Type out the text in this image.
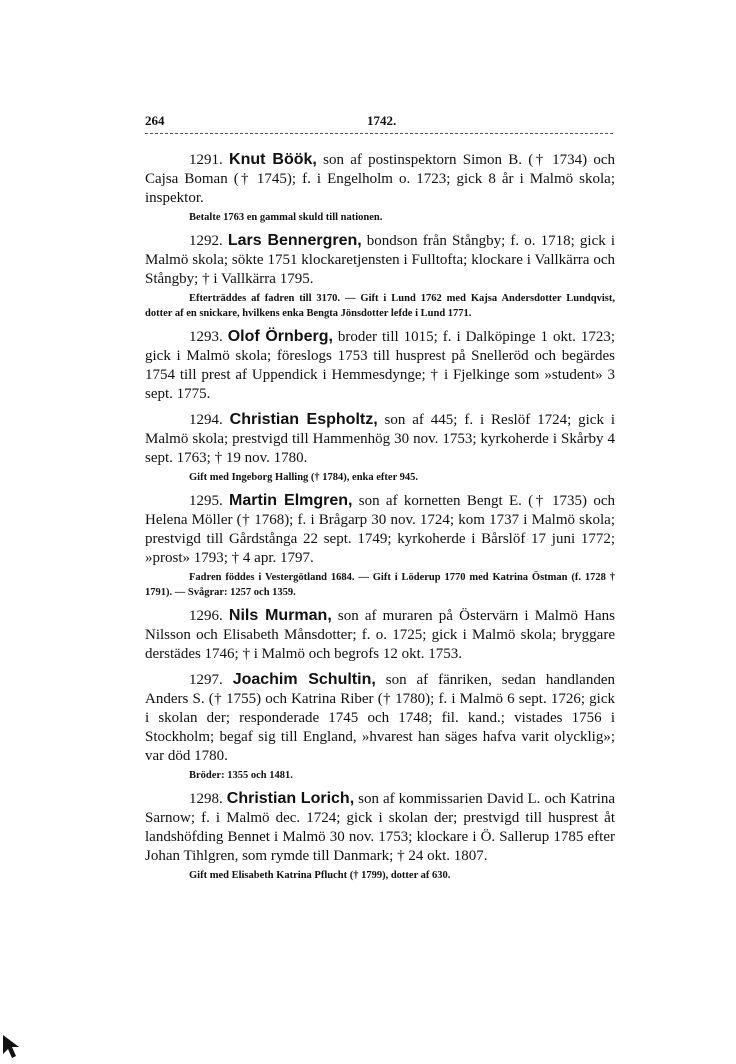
264	1742.

1291. Knut Böök, son af postinspektorn Simon B. († 1734) och Cajsa Boman († 1745); f. i Engelholm o. 1723; gick 8 år i Malmö skola; inspektor.

Betalte 1763 en gammal skuld till nationen.

1292. Lars Bennergren, bondson från Stångby; f. o. 1718; gick i Malmö skola; sökte 1751 klockaretjensten i Fulltofta; klockare i Vallkärra och Stångby; † i Vallkärra 1795.

Efterträddes af fadren till 3170. — Gift i Lund 1762 med Kajsa Andersdotter Lundqvist, dotter af en snickare, hvilkens enka Bengta Jönsdotter lefde i Lund 1771.

1293. Olof Örnberg, broder till 1015; f. i Dalköpinge 1 okt. 1723; gick i Malmö skola; föreslogs 1753 till husprest på Snelleröd och begärdes 1754 till prest af Uppendick i Hemmesdynge; † i Fjelkinge som »student» 3 sept. 1775.

1294. Christian Espholtz, son af 445; f. i Reslöf 1724; gick i Malmö skola; prestvigd till Hammenhög 30 nov. 1753; kyrkoherde i Skårby 4 sept. 1763; † 19 nov. 1780.

Gift med Ingeborg Halling († 1784), enka efter 945.

1295. Martin Elmgren, son af kornetten Bengt E. († 1735) och Helena Möller († 1768); f. i Brågarp 30 nov. 1724; kom 1737 i Malmö skola; prestvigd till Gårdstånga 22 sept. 1749; kyrkoherde i Bårslöf 17 juni 1772; »prost» 1793; † 4 apr. 1797.

Fadren föddes i Vestergötland 1684. — Gift i Löderup 1770 med Katrina Östman (f. 1728 † 1791). — Svågrar: 1257 och 1359.

1296. Nils Murman, son af muraren på Östervärn i Malmö Hans Nilsson och Elisabeth Månsdotter; f. o. 1725; gick i Malmö skola; bryggare derstädes 1746; † i Malmö och begrofs 12 okt. 1753.

1297. Joachim Schultin, son af fänriken, sedan handlanden Anders S. († 1755) och Katrina Riber († 1780); f. i Malmö 6 sept. 1726; gick i skolan der; responderade 1745 och 1748; fil. kand.; vistades 1756 i Stockholm; begaf sig till England, »hvarest han säges hafva varit olycklig»; var död 1780.

Bröder: 1355 och 1481.

1298. Christian Lorich, son af kommissarien David L. och Katrina Sarnow; f. i Malmö dec. 1724; gick i skolan der; prestvigd till husprest åt landshöfding Bennet i Malmö 30 nov. 1753; klockare i Ö. Sallerup 1785 efter Johan Tihlgren, som rymde till Danmark; † 24 okt. 1807.

Gift med Elisabeth Katrina Pflucht († 1799), dotter af 630.
